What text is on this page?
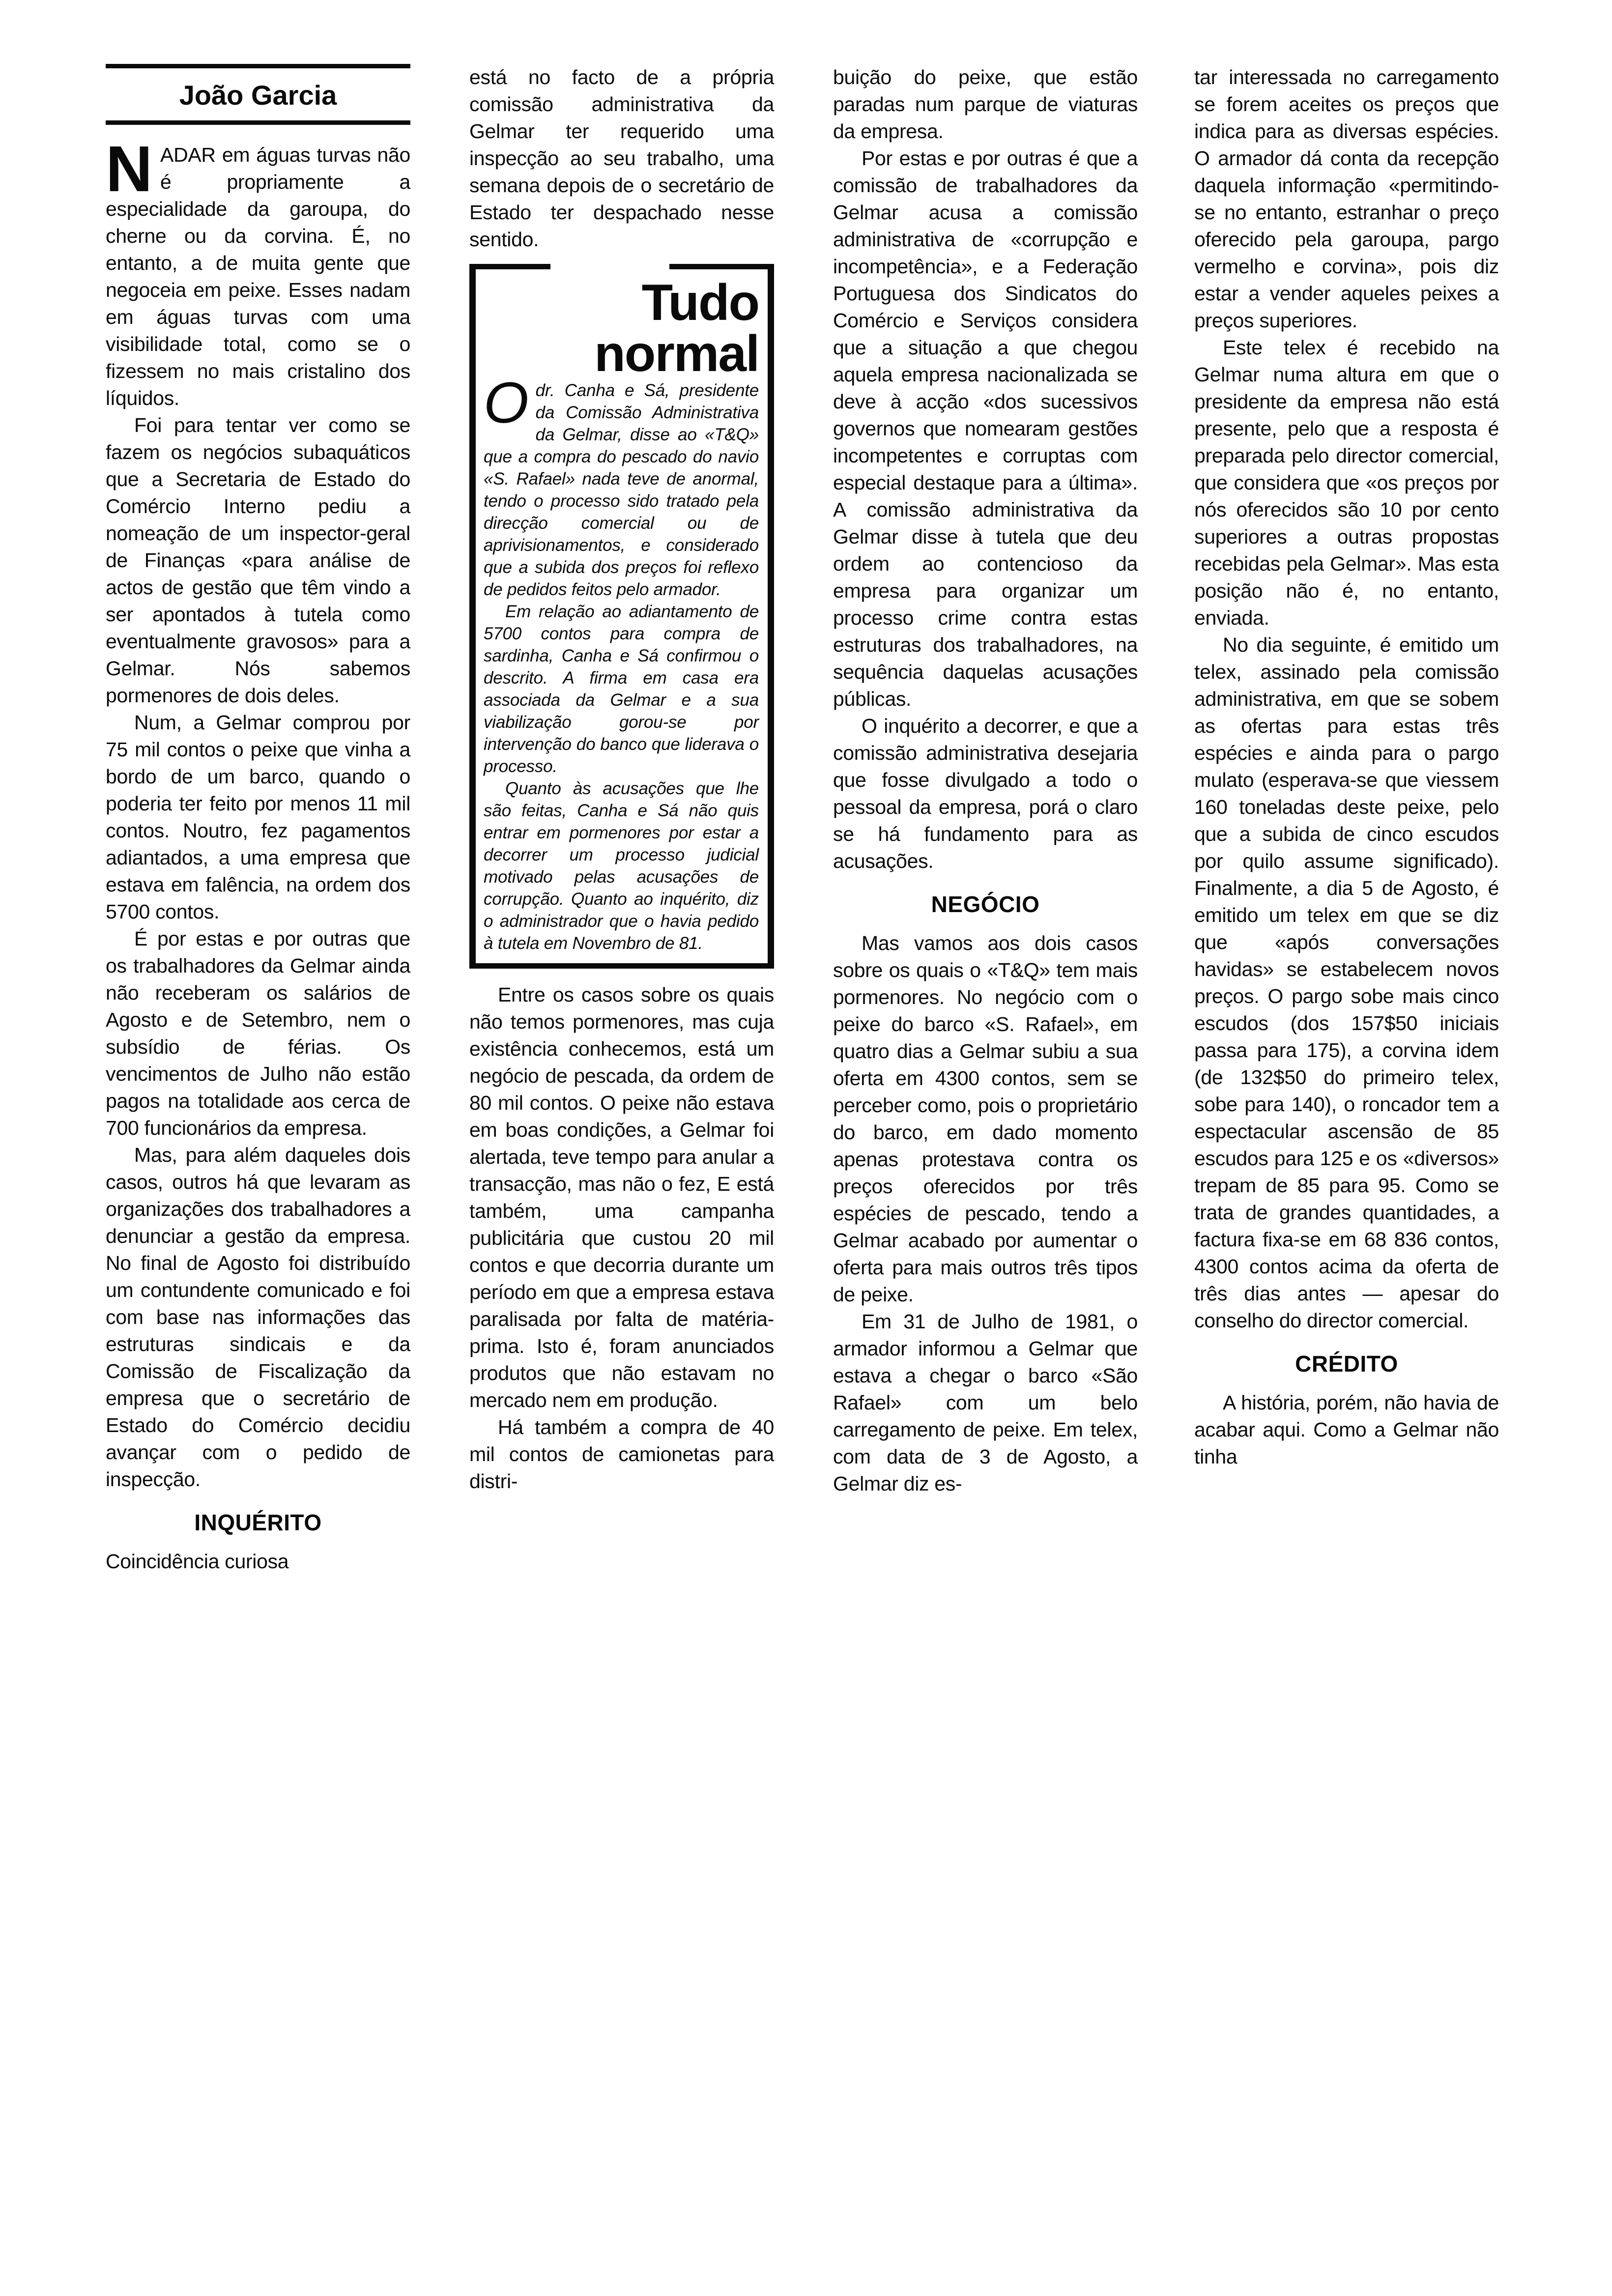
João Garcia

NADAR em águas turvas não é propriamente a especialidade da garoupa, do cherne ou da corvina. É, no entanto, a de muita gente que negoceia em peixe. Esses nadam em águas turvas com uma visibilidade total, como se o fizessem no mais cristalino dos líquidos.

Foi para tentar ver como se fazem os negócios subaquáticos que a Secretaria de Estado do Comércio Interno pediu a nomeação de um inspector-geral de Finanças «para análise de actos de gestão que têm vindo a ser apontados à tutela como eventualmente gravosos» para a Gelmar. Nós sabemos pormenores de dois deles.

Num, a Gelmar comprou por 75 mil contos o peixe que vinha a bordo de um barco, quando o poderia ter feito por menos 11 mil contos. Noutro, fez pagamentos adiantados, a uma empresa que estava em falência, na ordem dos 5700 contos.

É por estas e por outras que os trabalhadores da Gelmar ainda não receberam os salários de Agosto e de Setembro, nem o subsídio de férias. Os vencimentos de Julho não estão pagos na totalidade aos cerca de 700 funcionários da empresa.

Mas, para além daqueles dois casos, outros há que levaram as organizações dos trabalhadores a denunciar a gestão da empresa. No final de Agosto foi distribuído um contundente comunicado e foi com base nas informações das estruturas sindicais e da Comissão de Fiscalização da empresa que o secretário de Estado do Comércio decidiu avançar com o pedido de inspecção.

INQUÉRITO

Coincidência curiosa

está no facto de a própria comissão administrativa da Gelmar ter requerido uma inspecção ao seu trabalho, uma semana depois de o secretário de Estado ter despachado nesse sentido.

Tudo
normal

Odr. Canha e Sá, presidente da Comissão Administrativa da Gelmar, disse ao «T&Q» que a compra do pescado do navio «S. Rafael» nada teve de anormal, tendo o processo sido tratado pela direcção comercial ou de aprivisionamentos, e considerado que a subida dos preços foi reflexo de pedidos feitos pelo armador.

Em relação ao adiantamento de 5700 contos para compra de sardinha, Canha e Sá confirmou o descrito. A firma em casa era associada da Gelmar e a sua viabilização gorou-se por intervenção do banco que liderava o processo.

Quanto às acusações que lhe são feitas, Canha e Sá não quis entrar em pormenores por estar a decorrer um processo judicial motivado pelas acusações de corrupção. Quanto ao inquérito, diz o administrador que o havia pedido à tutela em Novembro de 81.

Entre os casos sobre os quais não temos pormenores, mas cuja existência conhecemos, está um negócio de pescada, da ordem de 80 mil contos. O peixe não estava em boas condições, a Gelmar foi alertada, teve tempo para anular a transacção, mas não o fez, E está também, uma campanha publicitária que custou 20 mil contos e que decorria durante um período em que a empresa estava paralisada por falta de matéria-prima. Isto é, foram anunciados produtos que não estavam no mercado nem em produção.

Há também a compra de 40 mil contos de camionetas para distri-

buição do peixe, que estão paradas num parque de viaturas da empresa.

Por estas e por outras é que a comissão de trabalhadores da Gelmar acusa a comissão administrativa de «corrupção e incompetência», e a Federação Portuguesa dos Sindicatos do Comércio e Serviços considera que a situação a que chegou aquela empresa nacionalizada se deve à acção «dos sucessivos governos que nomearam gestões incompetentes e corruptas com especial destaque para a última». A comissão administrativa da Gelmar disse à tutela que deu ordem ao contencioso da empresa para organizar um processo crime contra estas estruturas dos trabalhadores, na sequência daquelas acusações públicas.

O inquérito a decorrer, e que a comissão administrativa desejaria que fosse divulgado a todo o pessoal da empresa, porá o claro se há fundamento para as acusações.

NEGÓCIO

Mas vamos aos dois casos sobre os quais o «T&Q» tem mais pormenores. No negócio com o peixe do barco «S. Rafael», em quatro dias a Gelmar subiu a sua oferta em 4300 contos, sem se perceber como, pois o proprietário do barco, em dado momento apenas protestava contra os preços oferecidos por três espécies de pescado, tendo a Gelmar acabado por aumentar o oferta para mais outros três tipos de peixe.

Em 31 de Julho de 1981, o armador informou a Gelmar que estava a chegar o barco «São Rafael» com um belo carregamento de peixe. Em telex, com data de 3 de Agosto, a Gelmar diz es-

tar interessada no carregamento se forem aceites os preços que indica para as diversas espécies. O armador dá conta da recepção daquela informação «permitindo-se no entanto, estranhar o preço oferecido pela garoupa, pargo vermelho e corvina», pois diz estar a vender aqueles peixes a preços superiores.

Este telex é recebido na Gelmar numa altura em que o presidente da empresa não está presente, pelo que a resposta é preparada pelo director comercial, que considera que «os preços por nós oferecidos são 10 por cento superiores a outras propostas recebidas pela Gelmar». Mas esta posição não é, no entanto, enviada.

No dia seguinte, é emitido um telex, assinado pela comissão administrativa, em que se sobem as ofertas para estas três espécies e ainda para o pargo mulato (esperava-se que viessem 160 toneladas deste peixe, pelo que a subida de cinco escudos por quilo assume significado). Finalmente, a dia 5 de Agosto, é emitido um telex em que se diz que «após conversações havidas» se estabelecem novos preços. O pargo sobe mais cinco escudos (dos 157$50 iniciais passa para 175), a corvina idem (de 132$50 do primeiro telex, sobe para 140), o roncador tem a espectacular ascensão de 85 escudos para 125 e os «diversos» trepam de 85 para 95. Como se trata de grandes quantidades, a factura fixa-se em 68 836 contos, 4300 contos acima da oferta de três dias antes — apesar do conselho do director comercial.

CRÉDITO

A história, porém, não havia de acabar aqui. Como a Gelmar não tinha
